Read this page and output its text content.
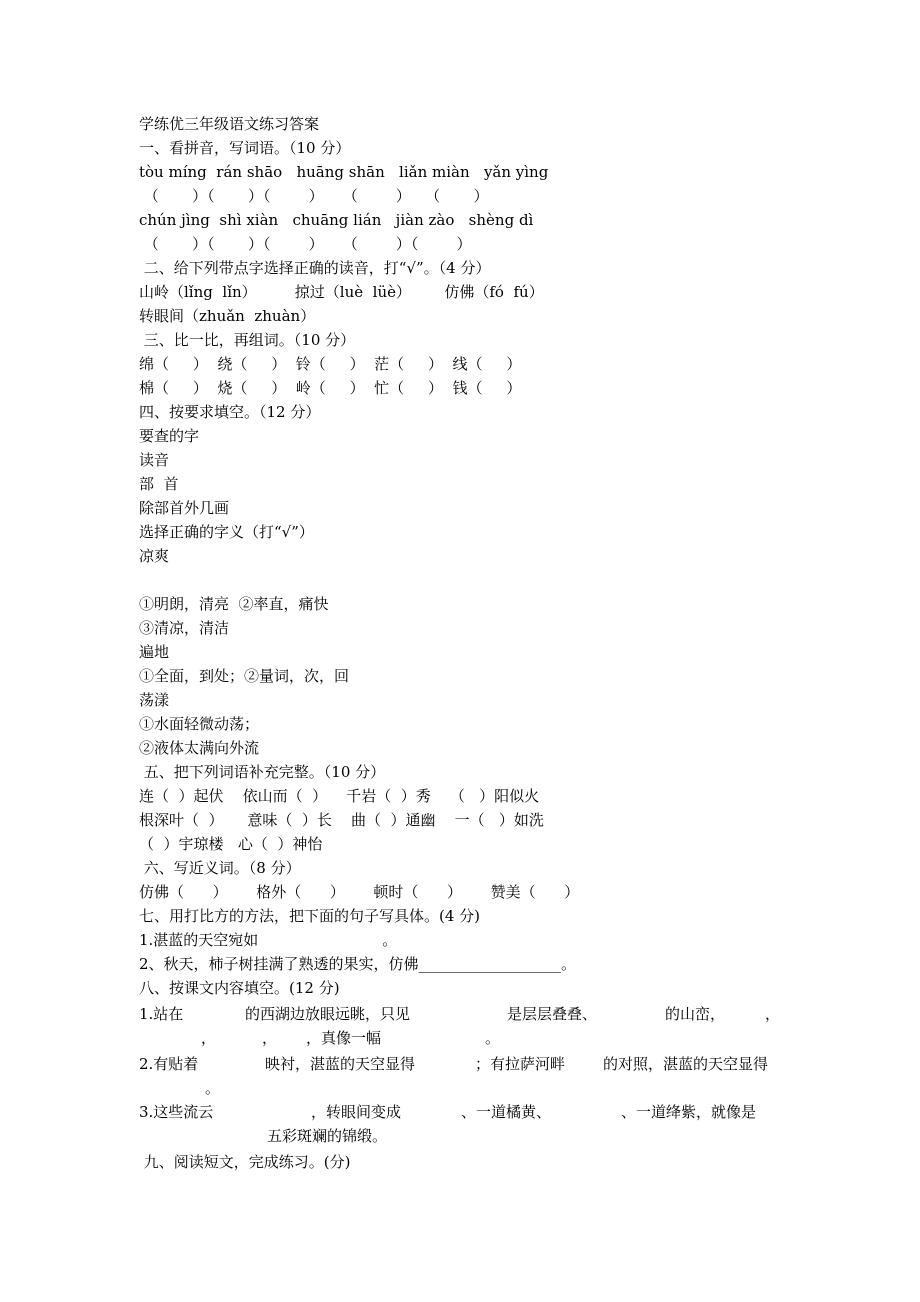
学练优三年级语文练习答案
一、看拼音，写词语。（10 分）
tòu míng  rán shāo   huāng shān   liǎn miàn   yǎn yìng
（       ）（       ）（        ）    （        ）   （       ）
chún jìng  shì xiàn   chuāng lián   jiàn zào   shèng dì
（       ）（       ）（        ）    （        ）（        ）
二、给下列带点字选择正确的读音，打“√”。（4 分）
山岭（lǐng  lǐn）        掠过（luè  lüè）       仿佛（fó  fú）
转眼间（zhuǎn  zhuàn）
三、比一比，再组词。（10 分）
绵（     ）  绕（     ）  铃（     ）  茫（     ）  线（     ）
棉（     ）  烧（     ）  岭（     ）  忙（     ）  钱（     ）
四、按要求填空。（12 分）
要查的字
读音
部  首
除部首外几画
选择正确的字义（打“√”）
凉爽
①明朗，清亮  ②率直，痛快
③清凉，清洁
遍地
①全面，到处；②量词，次，回
荡漾
①水面轻微动荡；
②液体太满向外流
五、把下列词语补充完整。（10 分）
连（  ）起伏    依山而（  ）    千岩（  ）秀    （   ）阳似火
根深叶（  ）     意味（  ）长    曲（  ）通幽    一（   ）如洗
（  ）宇琼楼   心（  ）神怡
六、写近义词。（8 分）
仿佛（      ）      格外（      ）      顿时（      ）      赞美（      ）
七、用打比方的方法，把下面的句子写具体。(4 分)
1.湛蓝的天空宛如                          。
2、秋天，柿子树挂满了熟透的果实，仿佛___________________。
八、按课文内容填空。(12 分)

1.站在

	的西湖边放眼远眺，只见

	是层层叠叠、

	的山峦，

	，

，

	，

，真像一幅

	。

2.有贴着

	映衬，湛蓝的天空显得

	；有拉萨河畔

	的对照，湛蓝的天空显得

。

3.这些流云

	，转眼间变成

	、一道橘黄、

	、一道绛紫，就像是

五彩斑斓的锦缎。
九、阅读短文，完成练习。(分)
